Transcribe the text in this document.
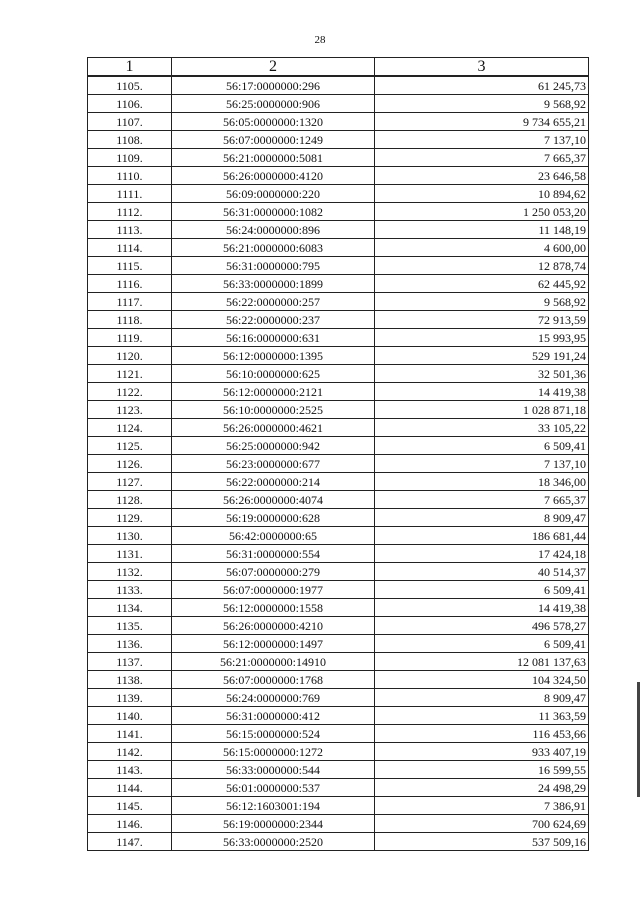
28
1	2	3
1105.	56:17:0000000:296	61 245,73
1106.	56:25:0000000:906	9 568,92
1107.	56:05:0000000:1320	9 734 655,21
1108.	56:07:0000000:1249	7 137,10
1109.	56:21:0000000:5081	7 665,37
1110.	56:26:0000000:4120	23 646,58
1111.	56:09:0000000:220	10 894,62
1112.	56:31:0000000:1082	1 250 053,20
1113.	56:24:0000000:896	11 148,19
1114.	56:21:0000000:6083	4 600,00
1115.	56:31:0000000:795	12 878,74
1116.	56:33:0000000:1899	62 445,92
1117.	56:22:0000000:257	9 568,92
1118.	56:22:0000000:237	72 913,59
1119.	56:16:0000000:631	15 993,95
1120.	56:12:0000000:1395	529 191,24
1121.	56:10:0000000:625	32 501,36
1122.	56:12:0000000:2121	14 419,38
1123.	56:10:0000000:2525	1 028 871,18
1124.	56:26:0000000:4621	33 105,22
1125.	56:25:0000000:942	6 509,41
1126.	56:23:0000000:677	7 137,10
1127.	56:22:0000000:214	18 346,00
1128.	56:26:0000000:4074	7 665,37
1129.	56:19:0000000:628	8 909,47
1130.	56:42:0000000:65	186 681,44
1131.	56:31:0000000:554	17 424,18
1132.	56:07:0000000:279	40 514,37
1133.	56:07:0000000:1977	6 509,41
1134.	56:12:0000000:1558	14 419,38
1135.	56:26:0000000:4210	496 578,27
1136.	56:12:0000000:1497	6 509,41
1137.	56:21:0000000:14910	12 081 137,63
1138.	56:07:0000000:1768	104 324,50
1139.	56:24:0000000:769	8 909,47
1140.	56:31:0000000:412	11 363,59
1141.	56:15:0000000:524	116 453,66
1142.	56:15:0000000:1272	933 407,19
1143.	56:33:0000000:544	16 599,55
1144.	56:01:0000000:537	24 498,29
1145.	56:12:1603001:194	7 386,91
1146.	56:19:0000000:2344	700 624,69
1147.	56:33:0000000:2520	537 509,16
